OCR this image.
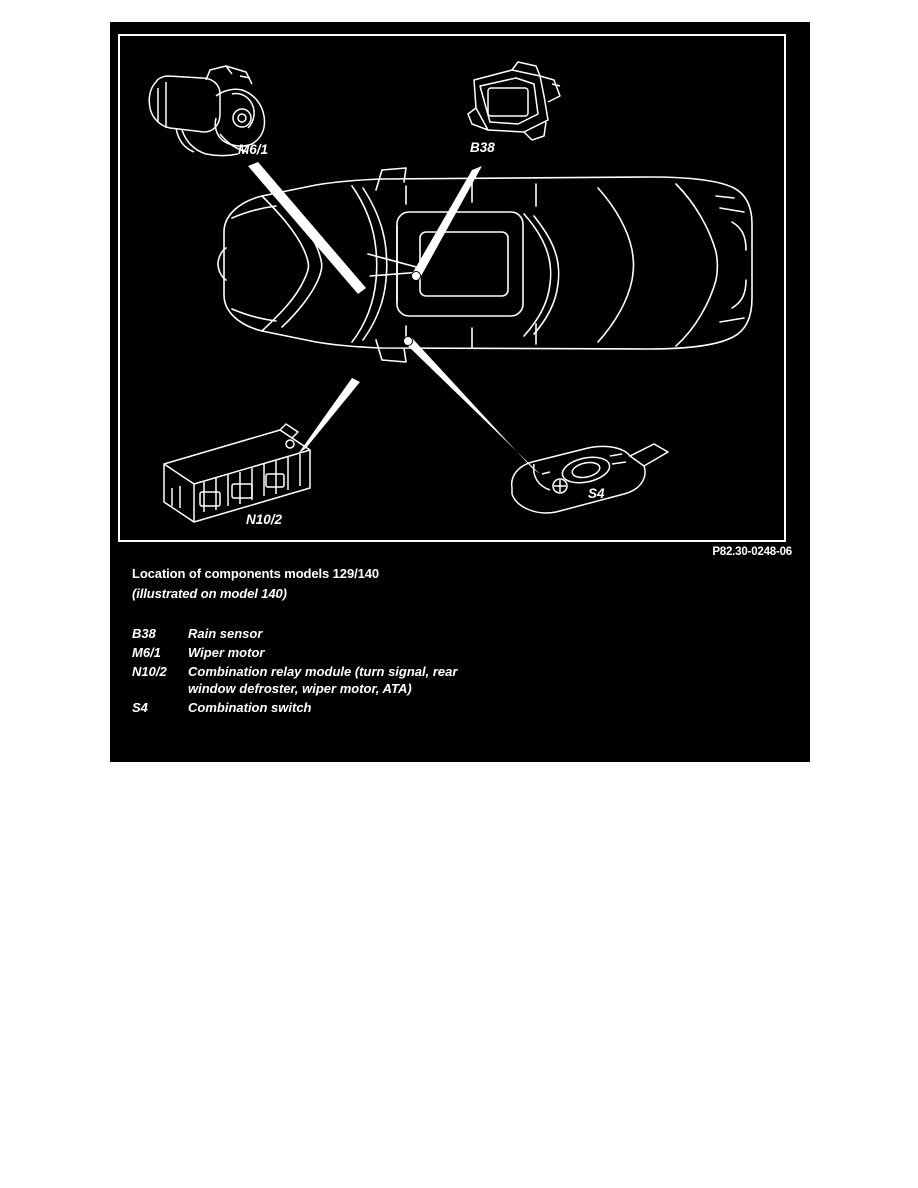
M6/1	B38
N10/2
S4
P82.30-0248-06
Location of components models 129/140
(illustrated on model 140)
B38	Rain sensor
M6/1	Wiper motor
N10/2	Combination relay module (turn signal, rear window defroster, wiper motor, ATA)
S4	Combination switch
